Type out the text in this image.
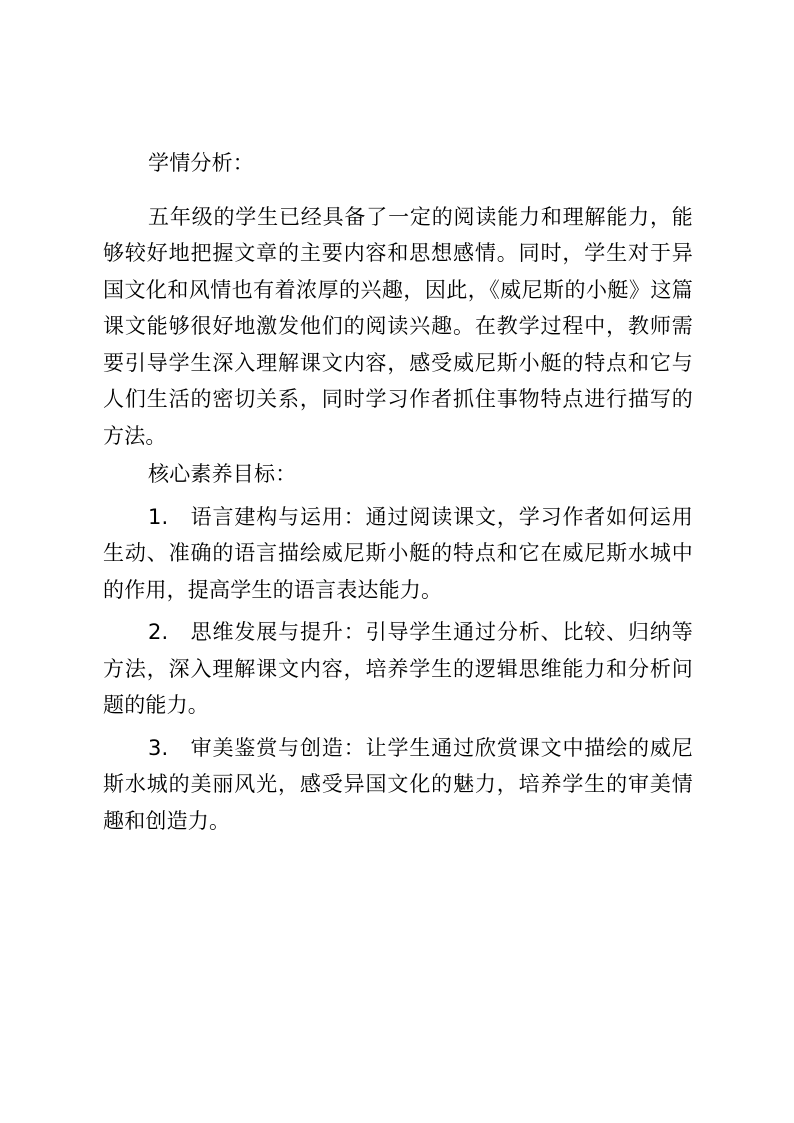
学情分析：

五年级的学生已经具备了一定的阅读能力和理解能力，能够较好地把握文章的主要内容和思想感情。同时，学生对于异国文化和风情也有着浓厚的兴趣，因此，《威尼斯的小艇》这篇课文能够很好地激发他们的阅读兴趣。在教学过程中，教师需要引导学生深入理解课文内容，感受威尼斯小艇的特点和它与人们生活的密切关系，同时学习作者抓住事物特点进行描写的方法。

核心素养目标：

1. 语言建构与运用：通过阅读课文，学习作者如何运用生动、准确的语言描绘威尼斯小艇的特点和它在威尼斯水城中的作用，提高学生的语言表达能力。

2. 思维发展与提升：引导学生通过分析、比较、归纳等方法，深入理解课文内容，培养学生的逻辑思维能力和分析问题的能力。

3. 审美鉴赏与创造：让学生通过欣赏课文中描绘的威尼斯水城的美丽风光，感受异国文化的魅力，培养学生的审美情趣和创造力。
